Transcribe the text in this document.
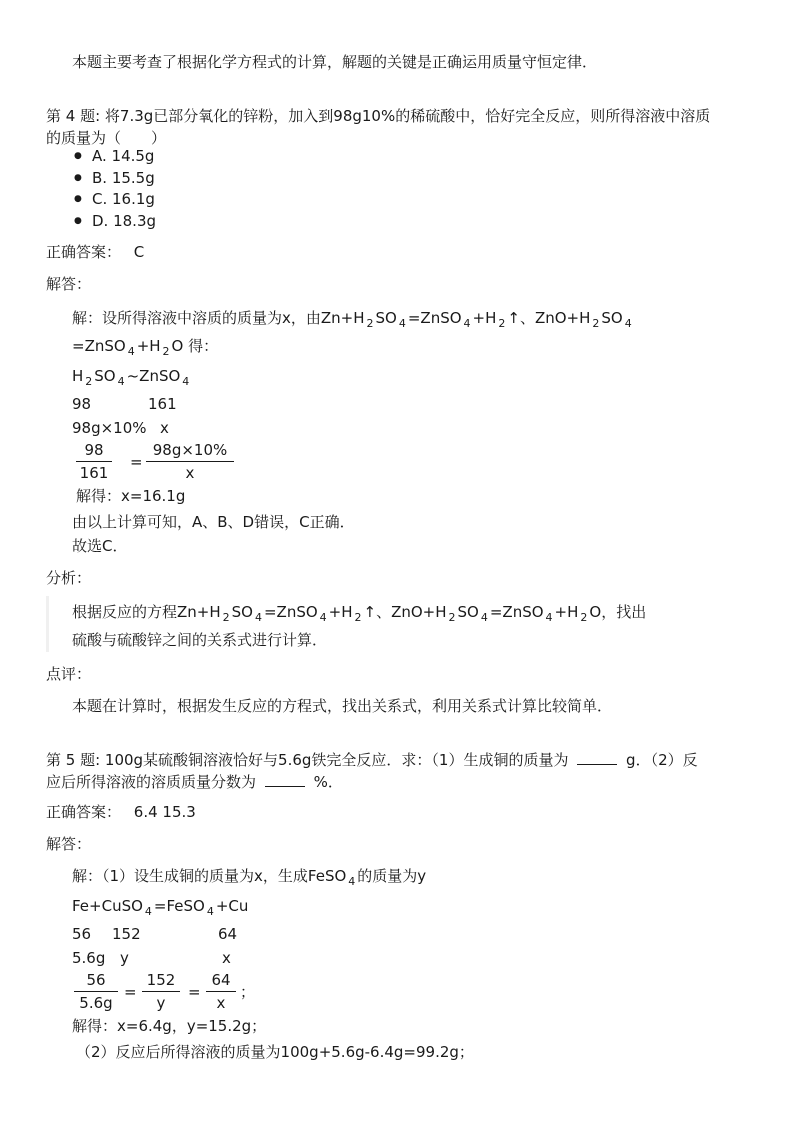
本题主要考查了根据化学方程式的计算，解题的关键是正确运用质量守恒定律．
第 4 题: 将7.3g已部分氧化的锌粉，加入到98g10%的稀硫酸中，恰好完全反应，则所得溶液中溶质
的质量为（　　）
● A. 14.5g
● B. 15.5g
● C. 16.1g
● D. 18.3g
正确答案： C
解答：
解：设所得溶液中溶质的质量为x，由Zn+H $_2$ SO $_4$ =ZnSO $_4$ +H $_2$ ↑、ZnO+H $_2$ SO $_4$
=ZnSO $_4$ +H $_2$ O 得：
H $_2$ SO $_4$ ~ZnSO $_4$
98	161
98g×10% x
98
161
=
98g×10%
x
解得：x=16.1g
由以上计算可知，A、B、D错误，C正确．
故选C．
分析：
根据反应的方程Zn+H $_2$ SO $_4$ =ZnSO $_4$ +H $_2$ ↑、ZnO+H $_2$ SO $_4$ =ZnSO $_4$ +H $_2$ O，找出
硫酸与硫酸锌之间的关系式进行计算．
点评：
本题在计算时，根据发生反应的方程式，找出关系式，利用关系式计算比较简单．
第 5 题: 100g某硫酸铜溶液恰好与5.6g铁完全反应．求：（1）生成铜的质量为	g．（2）反
应后所得溶液的溶质质量分数为	%．
正确答案： 6.4 15.3
解答：
解：（1）设生成铜的质量为x，生成FeSO $_4$ 的质量为y
Fe+CuSO $_4$ =FeSO $_4$ +Cu
56 152	64
5.6g y	x
56
5.6g
=
152
y
=
64
x
；
解得：x=6.4g，y=15.2g；
（2）反应后所得溶液的质量为100g+5.6g-6.4g=99.2g；
